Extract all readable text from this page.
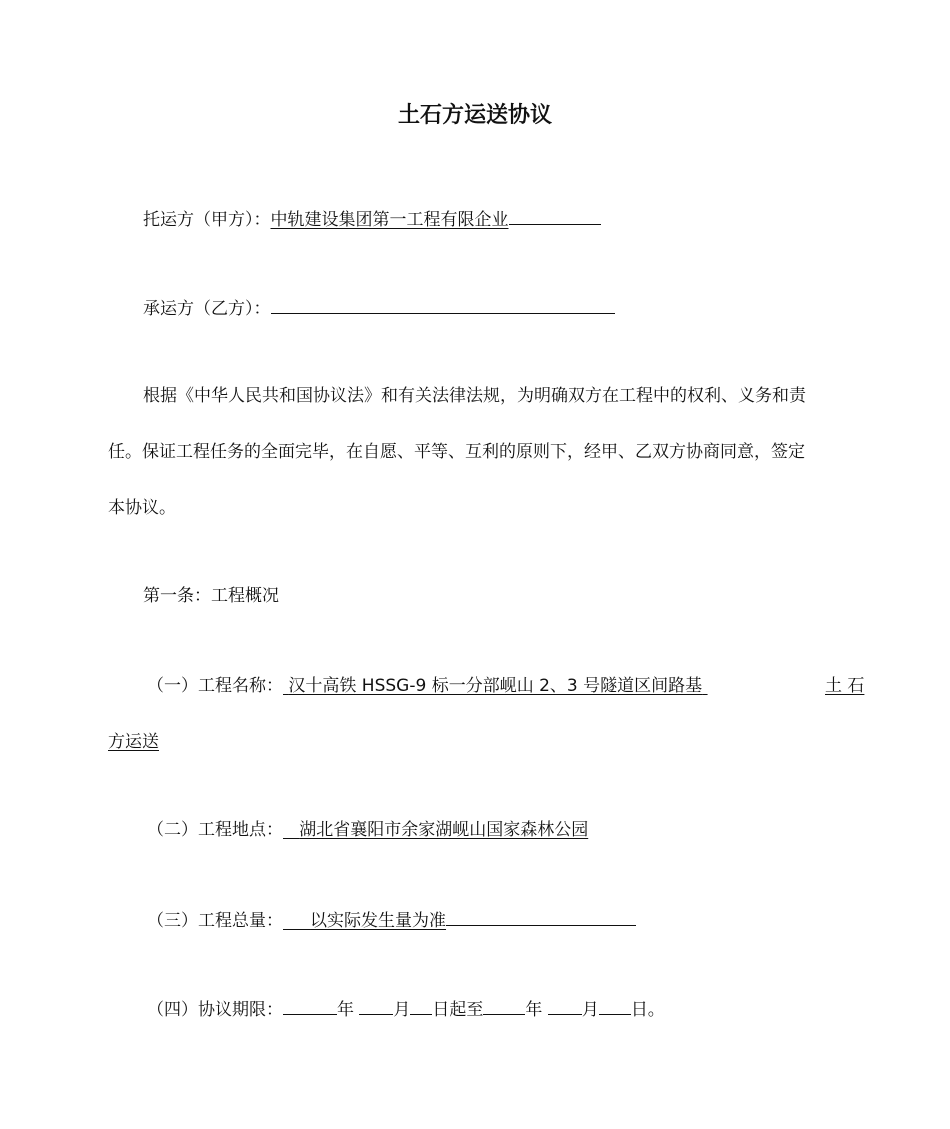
土石方运送协议
托运方（甲方）：中轨建设集团第一工程有限企业
承运方（乙方）：
根据《中华人民共和国协议法》和有关法律法规，为明确双方在工程中的权利、义务和责
任。保证工程任务的全面完毕，在自愿、平等、互利的原则下，经甲、乙双方协商同意，签定
本协议。
第一条：工程概况
（一）工程名称： 汉十高铁 HSSG-9 标一分部岘山 2、3 号隧道区间路基	土 石
方运送
（二）工程地点： 湖北省襄阳市余家湖岘山国家森林公园
（三）工程总量： 以实际发生量为准
（四）协议期限：	年 月 日起至 年 月 日。
